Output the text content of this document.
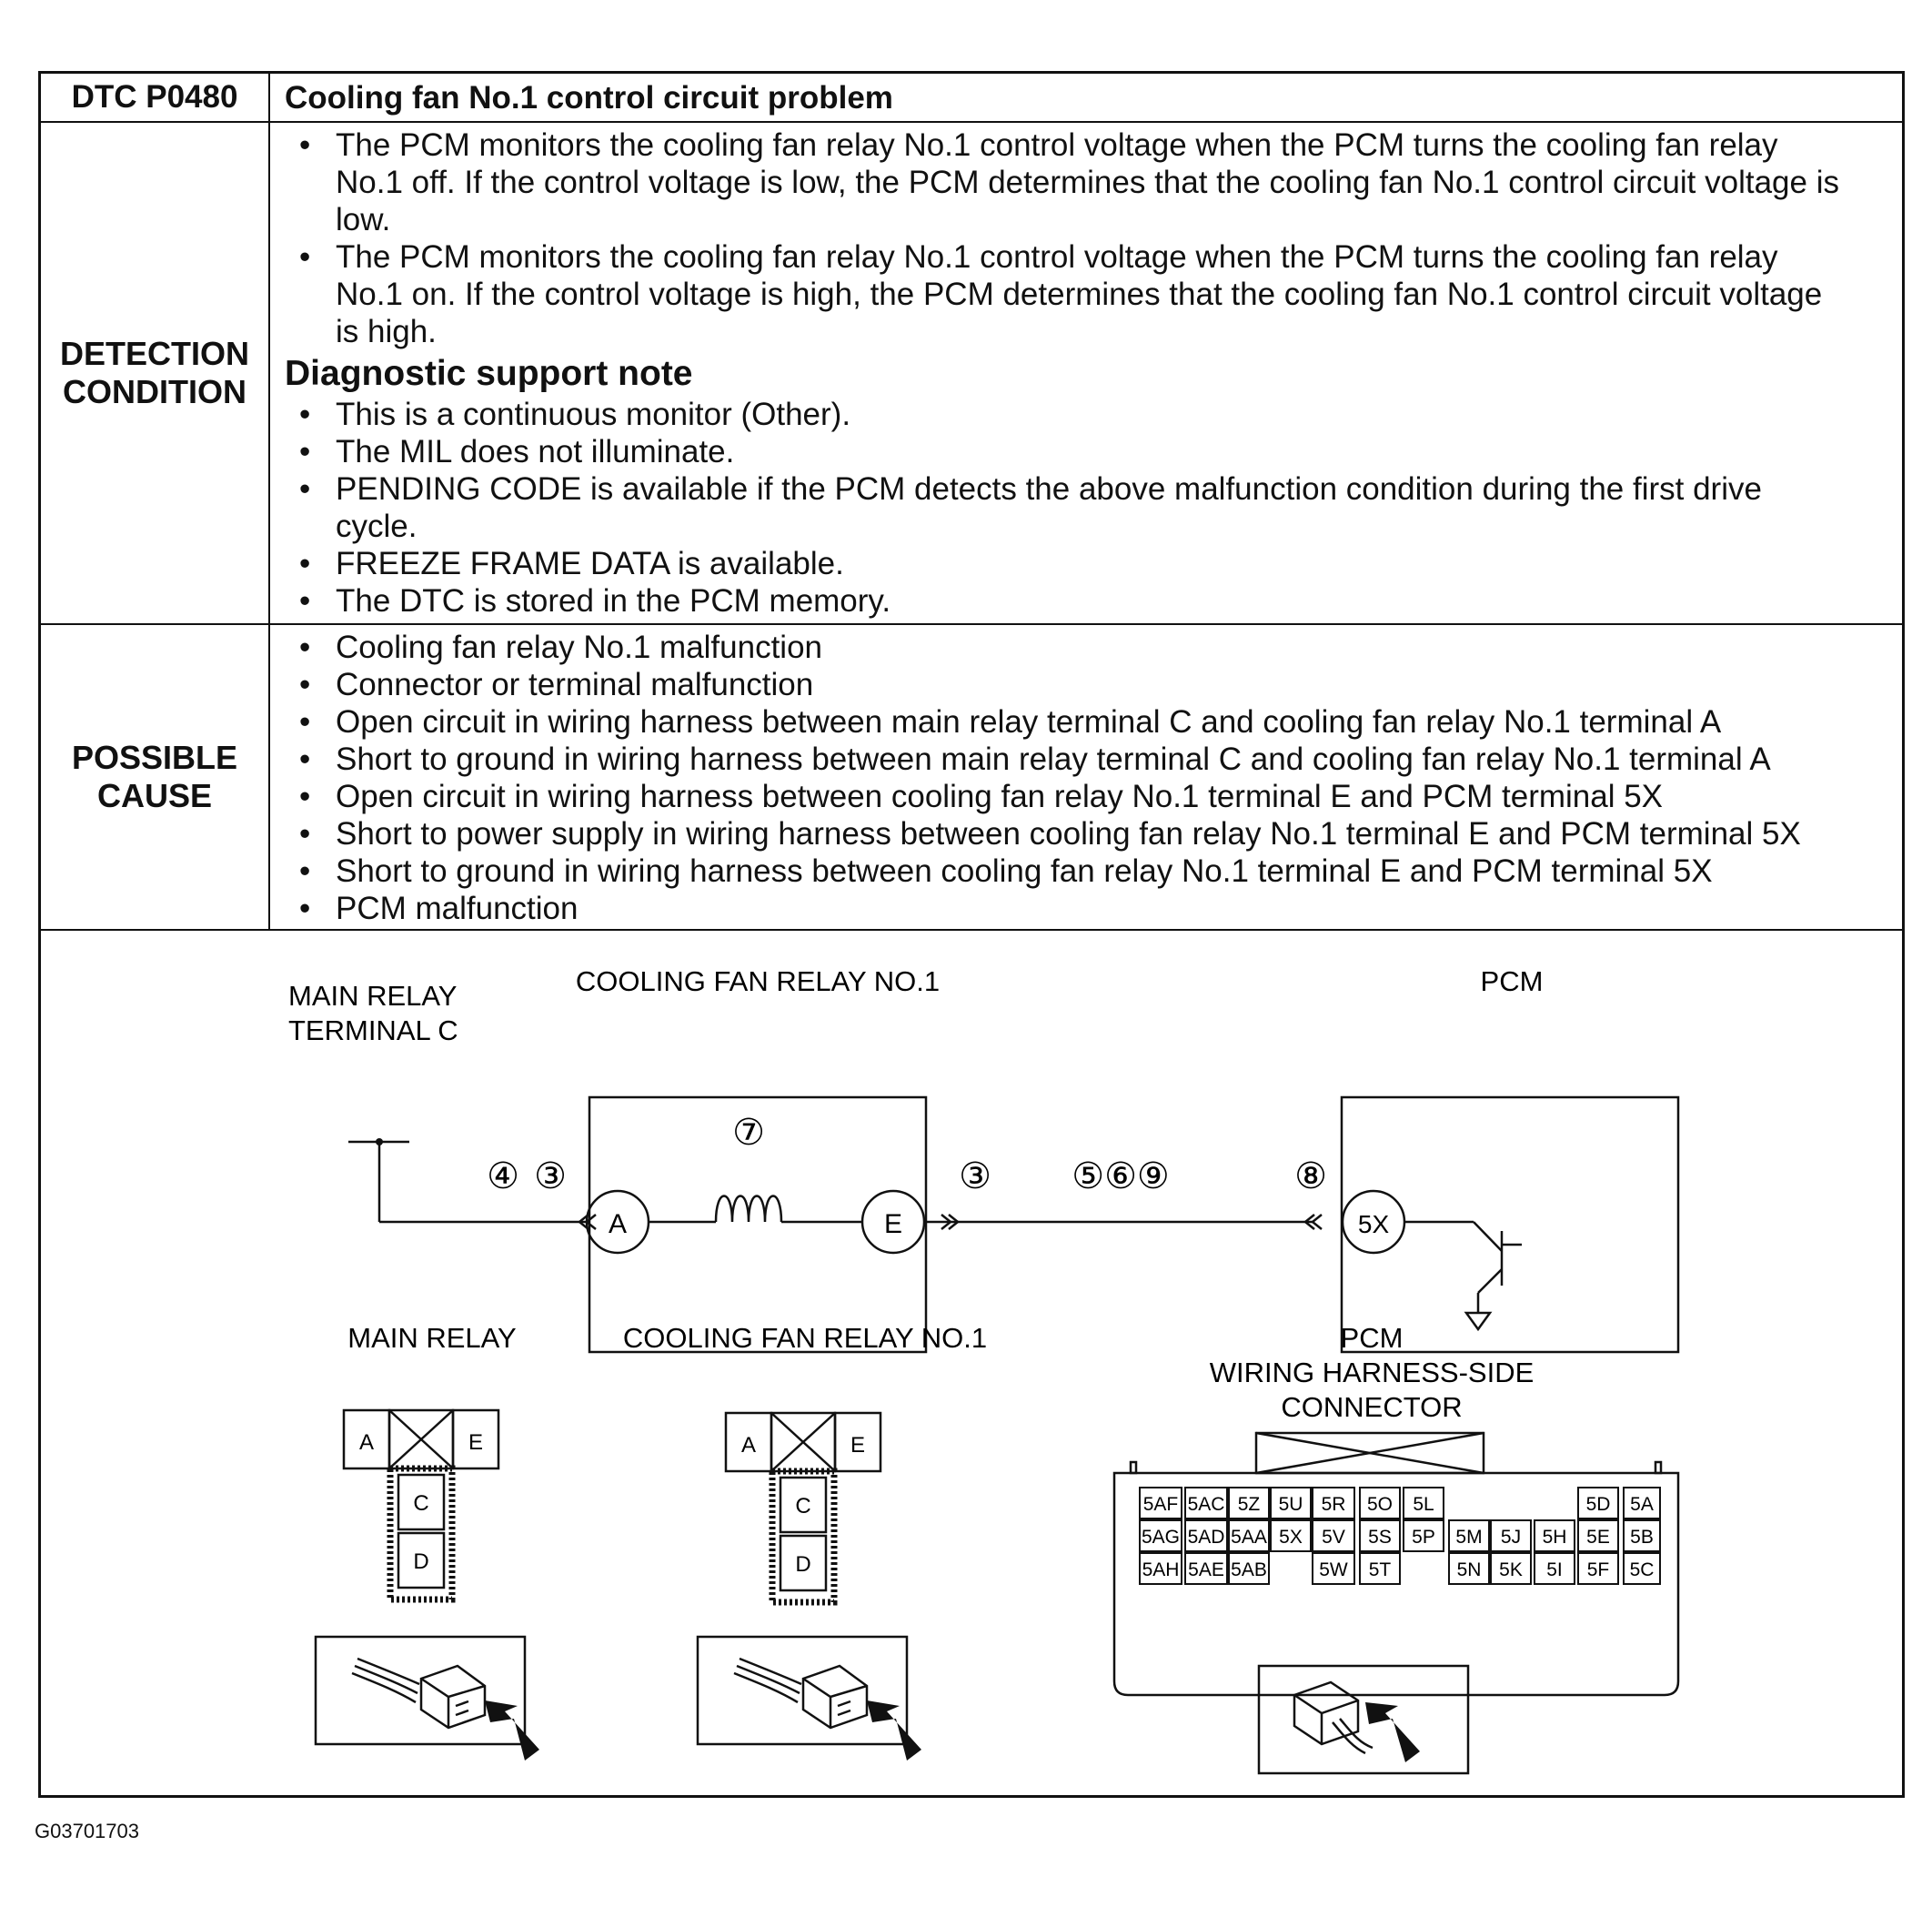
DTC P0480	Cooling fan No.1 control circuit problem
DETECTION
CONDITION
• The PCM monitors the cooling fan relay No.1 control voltage when the PCM turns the cooling fan relay
No.1 off. If the control voltage is low, the PCM determines that the cooling fan No.1 control circuit voltage is
low.
• The PCM monitors the cooling fan relay No.1 control voltage when the PCM turns the cooling fan relay
No.1 on. If the control voltage is high, the PCM determines that the cooling fan No.1 control circuit voltage
is high.
Diagnostic support note
• This is a continuous monitor (Other).
• The MIL does not illuminate.
• PENDING CODE is available if the PCM detects the above malfunction condition during the first drive
cycle.
• FREEZE FRAME DATA is available.
• The DTC is stored in the PCM memory.
POSSIBLE
CAUSE
• Cooling fan relay No.1 malfunction
• Connector or terminal malfunction
• Open circuit in wiring harness between main relay terminal C and cooling fan relay No.1 terminal A
• Short to ground in wiring harness between main relay terminal C and cooling fan relay No.1 terminal A
• Open circuit in wiring harness between cooling fan relay No.1 terminal E and PCM terminal 5X
• Short to power supply in wiring harness between cooling fan relay No.1 terminal E and PCM terminal 5X
• Short to ground in wiring harness between cooling fan relay No.1 terminal E and PCM terminal 5X
• PCM malfunction
MAIN RELAY
TERMINAL C
COOLING FAN RELAY NO.1	PCM
A	E	5X
④ ③
⑦
③ ⑤⑥⑨	⑧
MAIN RELAY	COOLING FAN RELAY NO.1	PCM
WIRING HARNESS-SIDE
CONNECTOR
A	E
C
D
A	E
C
D
5AF 5AC 5Z 5U 5R 5O 5L	5D 5A
5AG 5AD 5AA 5X 5V 5S 5P 5M 5J 5H 5E 5B
5AH 5AE 5AB	5W 5T	5N 5K 5I 5F 5C
G03701703
